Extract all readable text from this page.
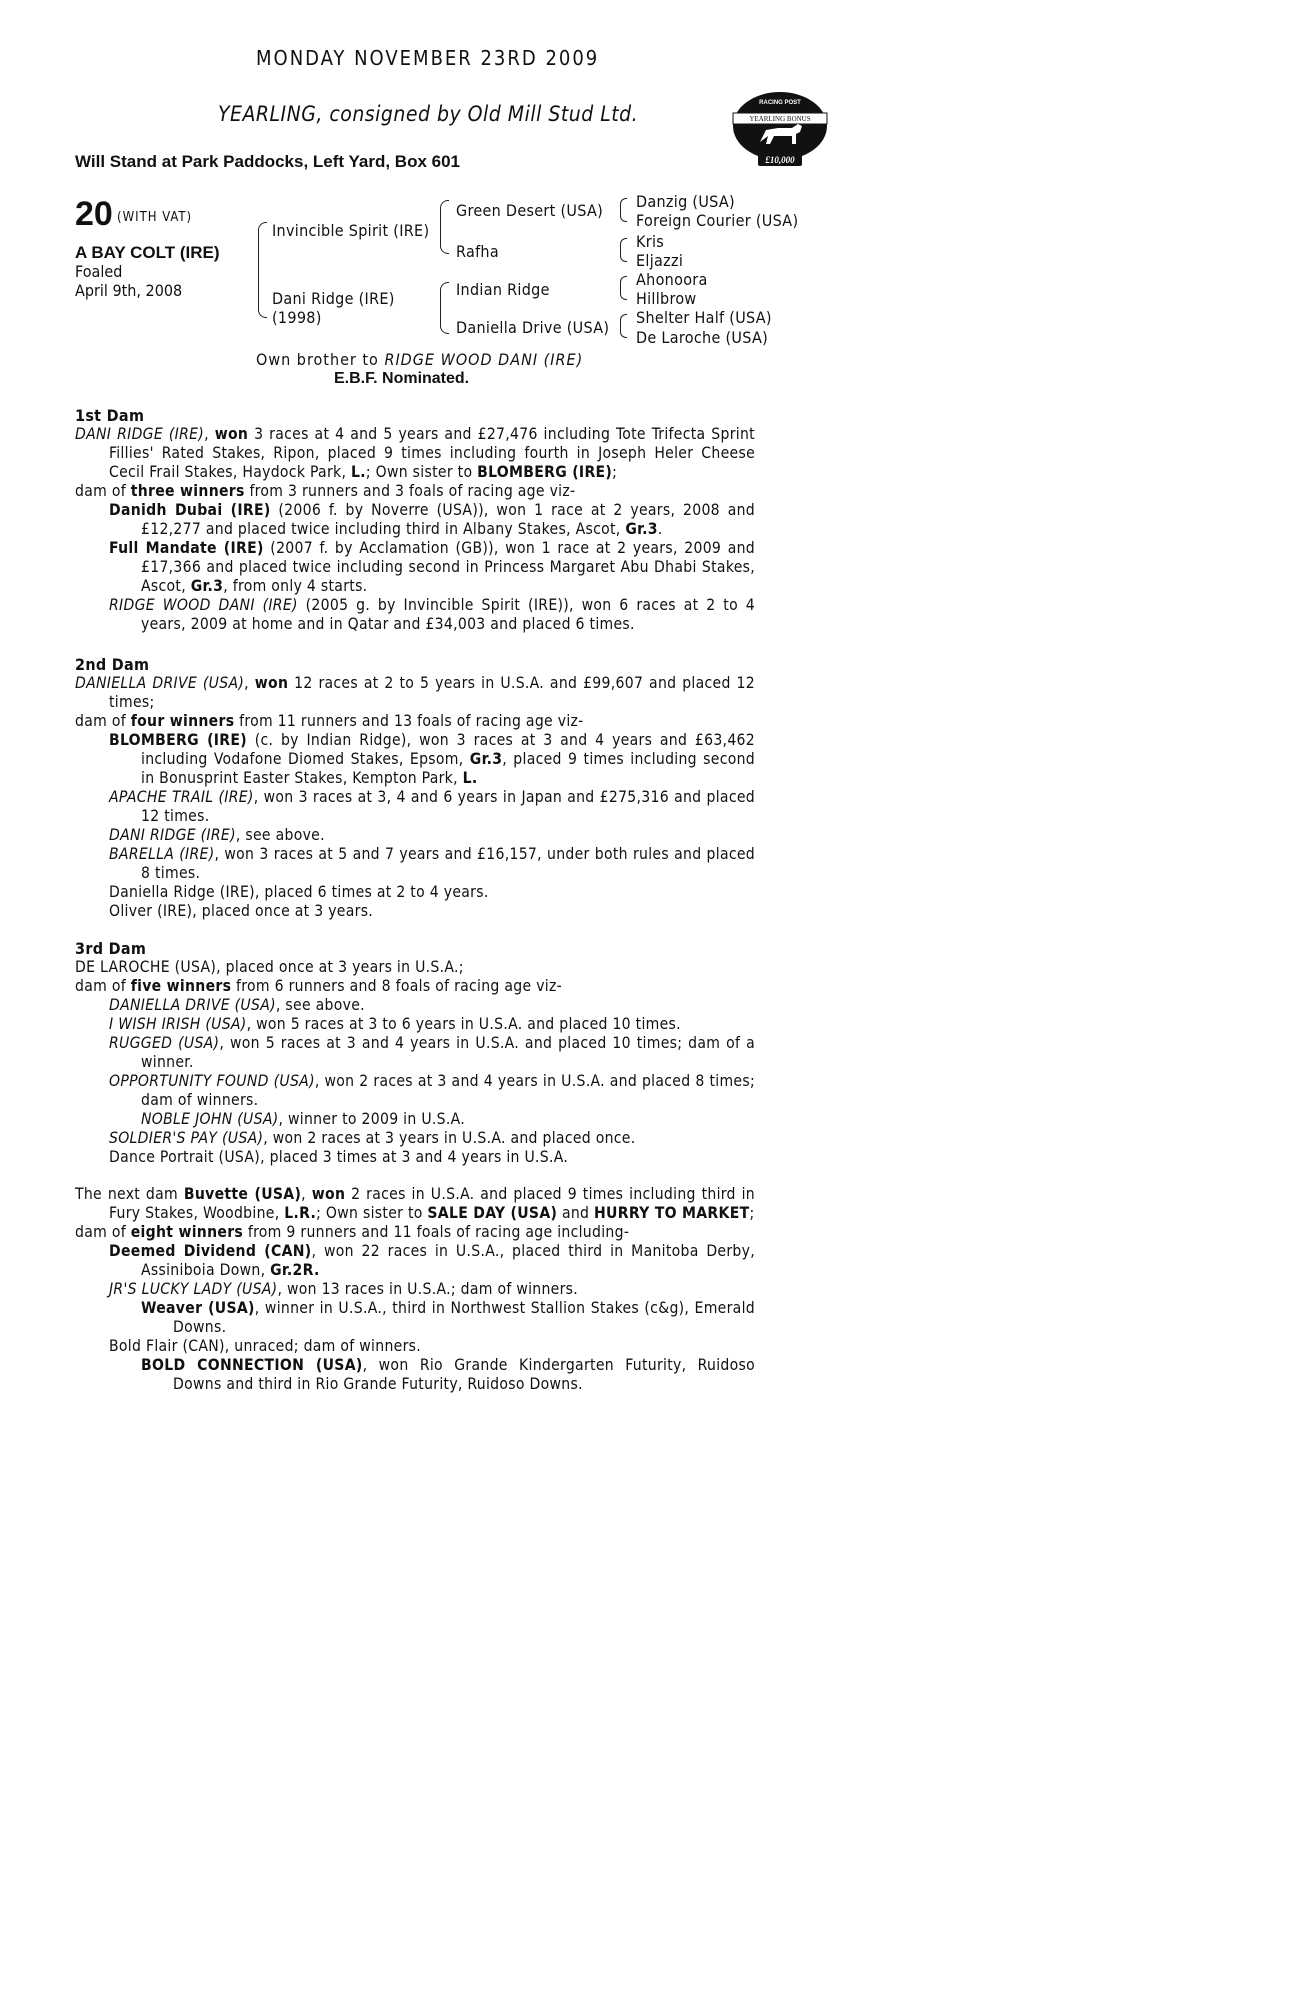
MONDAY NOVEMBER 23RD 2009
YEARLING, consigned by Old Mill Stud Ltd.
Will Stand at Park Paddocks, Left Yard, Box 601
RACING POST
YEARLING BONUS
£10,000
20 (WITH VAT)
A BAY COLT (IRE)
Foaled
April 9th, 2008
Invincible Spirit (IRE)
Dani Ridge (IRE)
(1998)
Green Desert (USA)
Rafha
Indian Ridge
Daniella Drive (USA)
Danzig (USA)
Foreign Courier (USA)
Kris
Eljazzi
Ahonoora
Hillbrow
Shelter Half (USA)
De Laroche (USA)
Own brother to RIDGE WOOD DANI (IRE)
E.B.F. Nominated.

1st Dam

DANI RIDGE (IRE), won 3 races at 4 and 5 years and £27,476 including Tote Trifecta Sprint Fillies' Rated Stakes, Ripon, placed 9 times including fourth in Joseph Heler Cheese Cecil Frail Stakes, Haydock Park, L.; Own sister to BLOMBERG (IRE);

dam of three winners from 3 runners and 3 foals of racing age viz-

Danidh Dubai (IRE) (2006 f. by Noverre (USA)), won 1 race at 2 years, 2008 and £12,277 and placed twice including third in Albany Stakes, Ascot, Gr.3.

Full Mandate (IRE) (2007 f. by Acclamation (GB)), won 1 race at 2 years, 2009 and £17,366 and placed twice including second in Princess Margaret Abu Dhabi Stakes, Ascot, Gr.3, from only 4 starts.

RIDGE WOOD DANI (IRE) (2005 g. by Invincible Spirit (IRE)), won 6 races at 2 to 4 years, 2009 at home and in Qatar and £34,003 and placed 6 times.

2nd Dam

DANIELLA DRIVE (USA), won 12 races at 2 to 5 years in U.S.A. and £99,607 and placed 12 times;

dam of four winners from 11 runners and 13 foals of racing age viz-

BLOMBERG (IRE) (c. by Indian Ridge), won 3 races at 3 and 4 years and £63,462 including Vodafone Diomed Stakes, Epsom, Gr.3, placed 9 times including second in Bonusprint Easter Stakes, Kempton Park, L.

APACHE TRAIL (IRE), won 3 races at 3, 4 and 6 years in Japan and £275,316 and placed 12 times.

DANI RIDGE (IRE), see above.

BARELLA (IRE), won 3 races at 5 and 7 years and £16,157, under both rules and placed 8 times.

Daniella Ridge (IRE), placed 6 times at 2 to 4 years.

Oliver (IRE), placed once at 3 years.

3rd Dam

DE LAROCHE (USA), placed once at 3 years in U.S.A.;

dam of five winners from 6 runners and 8 foals of racing age viz-

DANIELLA DRIVE (USA), see above.

I WISH IRISH (USA), won 5 races at 3 to 6 years in U.S.A. and placed 10 times.

RUGGED (USA), won 5 races at 3 and 4 years in U.S.A. and placed 10 times; dam of a winner.

OPPORTUNITY FOUND (USA), won 2 races at 3 and 4 years in U.S.A. and placed 8 times; dam of winners.

NOBLE JOHN (USA), winner to 2009 in U.S.A.

SOLDIER'S PAY (USA), won 2 races at 3 years in U.S.A. and placed once.

Dance Portrait (USA), placed 3 times at 3 and 4 years in U.S.A.

The next dam Buvette (USA), won 2 races in U.S.A. and placed 9 times including third in Fury Stakes, Woodbine, L.R.; Own sister to SALE DAY (USA) and HURRY TO MARKET;

dam of eight winners from 9 runners and 11 foals of racing age including-

Deemed Dividend (CAN), won 22 races in U.S.A., placed third in Manitoba Derby, Assiniboia Down, Gr.2R.

JR'S LUCKY LADY (USA), won 13 races in U.S.A.; dam of winners.

Weaver (USA), winner in U.S.A., third in Northwest Stallion Stakes (c&g), Emerald Downs.

Bold Flair (CAN), unraced; dam of winners.

BOLD CONNECTION (USA), won Rio Grande Kindergarten Futurity, Ruidoso Downs and third in Rio Grande Futurity, Ruidoso Downs.
